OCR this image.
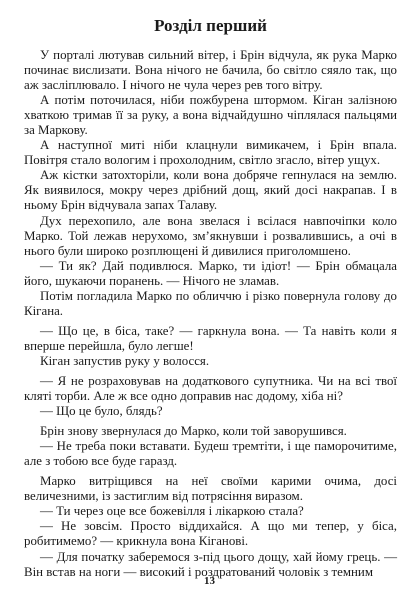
Розділ перший

У порталі лютував сильний вітер, і Брін відчула, як рука Марко починає вислизати. Вона нічого не бачила, бо світло сяяло так, що аж засліплювало. І нічого не чула через рев того вітру.

А потім поточилася, ніби пожбурена штормом. Кіган залізною хваткою тримав її за руку, а вона відчайдушно чіплялася пальцями за Маркову.

А наступної миті ніби клацнули вимикачем, і Брін впала. Повітря стало вологим і прохолодним, світло згасло, вітер ущух.

Аж кістки затохторіли, коли вона добряче гепнулася на землю. Як виявилося, мокру через дрібний дощ, який досі накрапав. І в ньому Брін відчувала запах Талаву.

Дух перехопило, але вона звелася і всілася навпочіпки коло Марко. Той лежав нерухомо, зм’якнувши і розвалившись, а очі в нього були широко розплющені й дивилися приголомшено.

— Ти як? Дай подивлюся. Марко, ти ідіот! — Брін обмацала його, шукаючи поранень. — Нічого не зламав.

Потім погладила Марко по обличчю і різко повернула голову до Кігана.

— Що це, в біса, таке? — гаркнула вона. — Та навіть коли я вперше перейшла, було легше!

Кіган запустив руку у волосся.

— Я не розраховував на додаткового супутника. Чи на всі твої кляті торби. Але ж все одно доправив нас додому, хіба ні?

— Що це було, блядь?

Брін знову звернулася до Марко, коли той заворушився.

— Не треба поки вставати. Будеш тремтіти, і ще паморочитиме, але з тобою все буде гаразд.

Марко витріщився на неї своїми карими очима, досі величезними, із застиглим від потрясіння виразом.

— Ти через оце все божевілля і лікаркою стала?

— Не зовсім. Просто віддихайся. А що ми тепер, у біса, робитимемо? — крикнула вона Кіганові.

— Для початку заберемося з-під цього дощу, хай йому грець. — Він встав на ноги — високий і роздратований чоловік з темним

13
